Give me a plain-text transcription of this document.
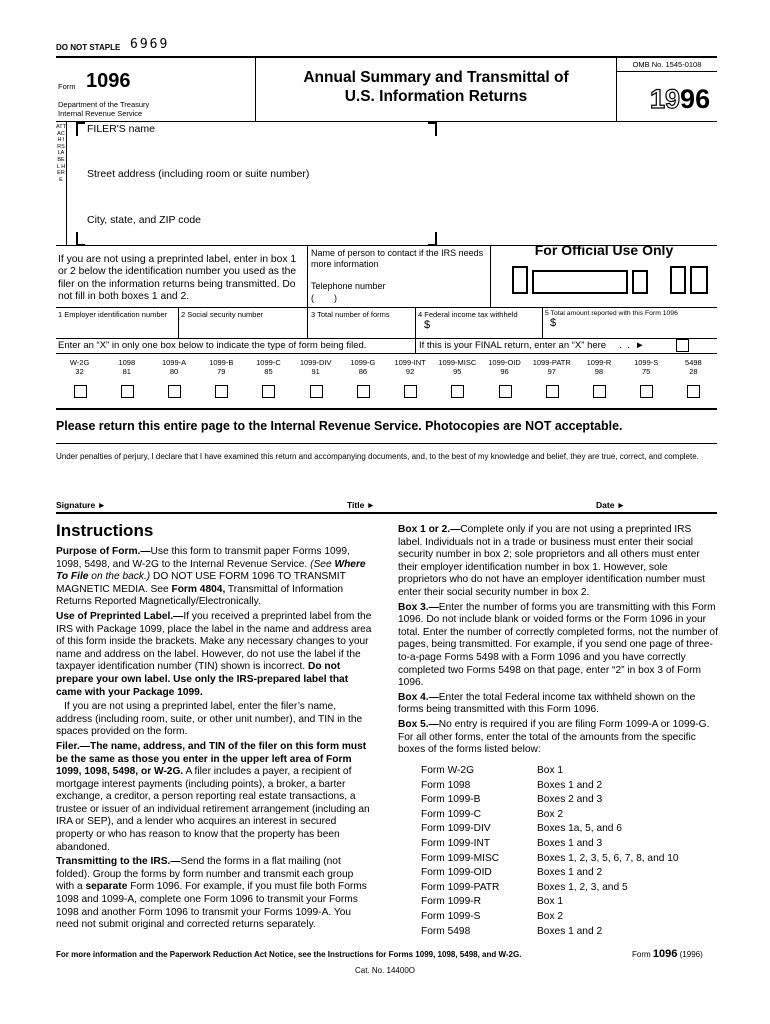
DO NOT STAPLE 6969
Form 1096
Department of the Treasury
Internal Revenue Service
Annual Summary and Transmittal of
U.S. Information Returns
OMB No. 1545-0108
1996
ATTACH IRS LABEL HERE
FILER'S name
Street address (including room or suite number)
City, state, and ZIP code
If you are not using a preprinted label, enter in box 1 or 2 below the identification number you used as the filer on the information returns being transmitted. Do not fill in both boxes 1 and 2.
Name of person to contact if the IRS needs more information
Telephone number
(        )
For Official Use Only
1 Employer identification number	2 Social security number	3 Total number of forms	4 Federal income tax withheld
$
5 Total amount reported with this Form 1096
$
Enter an “X” in only one box below to indicate the type of form being filed.	If this is your FINAL return, enter an “X” here     .  .  ►
W-2G
32
1098
81
1099-A
80
1099-B
79
1099-C
85
1099-DIV
91
1099-G
86
1099-INT
92
1099-MISC
95
1099-OID
96
1099-PATR
97
1099-R
98
1099-S
75
5498
28
Please return this entire page to the Internal Revenue Service. Photocopies are NOT acceptable.
Under penalties of perjury, I declare that I have examined this return and accompanying documents, and, to the best of my knowledge and belief, they are true, correct, and complete.
Signature ►	Title ►	Date ►
Instructions

Purpose of Form.—Use this form to transmit paper Forms 1099, 1098, 5498, and W-2G to the Internal Revenue Service. (See Where To File on the back.) DO NOT USE FORM 1096 TO TRANSMIT MAGNETIC MEDIA. See Form 4804, Transmittal of Information Returns Reported Magnetically/Electronically.

Use of Preprinted Label.—If you received a preprinted label from the IRS with Package 1099, place the label in the name and address area of this form inside the brackets. Make any necessary changes to your name and address on the label. However, do not use the label if the taxpayer identification number (TIN) shown is incorrect. Do not prepare your own label. Use only the IRS-prepared label that came with your Package 1099.

If you are not using a preprinted label, enter the filer’s name, address (including room, suite, or other unit number), and TIN in the spaces provided on the form.

Filer.—The name, address, and TIN of the filer on this form must be the same as those you enter in the upper left area of Form 1099, 1098, 5498, or W-2G. A filer includes a payer, a recipient of mortgage interest payments (including points), a broker, a barter exchange, a creditor, a person reporting real estate transactions, a trustee or issuer of an individual retirement arrangement (including an IRA or SEP), and a lender who acquires an interest in secured property or who has reason to know that the property has been abandoned.

Transmitting to the IRS.—Send the forms in a flat mailing (not folded). Group the forms by form number and transmit each group with a separate Form 1096. For example, if you must file both Forms 1098 and 1099-A, complete one Form 1096 to transmit your Forms 1098 and another Form 1096 to transmit your Forms 1099-A. You need not submit original and corrected returns separately.

Box 1 or 2.—Complete only if you are not using a preprinted IRS label. Individuals not in a trade or business must enter their social security number in box 2; sole proprietors and all others must enter their employer identification number in box 1. However, sole proprietors who do not have an employer identification number must enter their social security number in box 2.

Box 3.—Enter the number of forms you are transmitting with this Form 1096. Do not include blank or voided forms or the Form 1096 in your total. Enter the number of correctly completed forms, not the number of pages, being transmitted. For example, if you send one page of three-to-a-page Forms 5498 with a Form 1096 and you have correctly completed two Forms 5498 on that page, enter “2” in box 3 of Form 1096.

Box 4.—Enter the total Federal income tax withheld shown on the forms being transmitted with this Form 1096.

Box 5.—No entry is required if you are filing Form 1099-A or 1099-G. For all other forms, enter the total of the amounts from the specific boxes of the forms listed below:

Form W-2G	Box 1
Form 1098	Boxes 1 and 2
Form 1099-B	Boxes 2 and 3
Form 1099-C	Box 2
Form 1099-DIV	Boxes 1a, 5, and 6
Form 1099-INT	Boxes 1 and 3
Form 1099-MISC	Boxes 1, 2, 3, 5, 6, 7, 8, and 10
Form 1099-OID	Boxes 1 and 2
Form 1099-PATR	Boxes 1, 2, 3, and 5
Form 1099-R	Box 1
Form 1099-S	Box 2
Form 5498	Boxes 1 and 2
For more information and the Paperwork Reduction Act Notice, see the Instructions for Forms 1099, 1098, 5498, and W-2G.	Form 1096 (1996)
Cat. No. 14400O
